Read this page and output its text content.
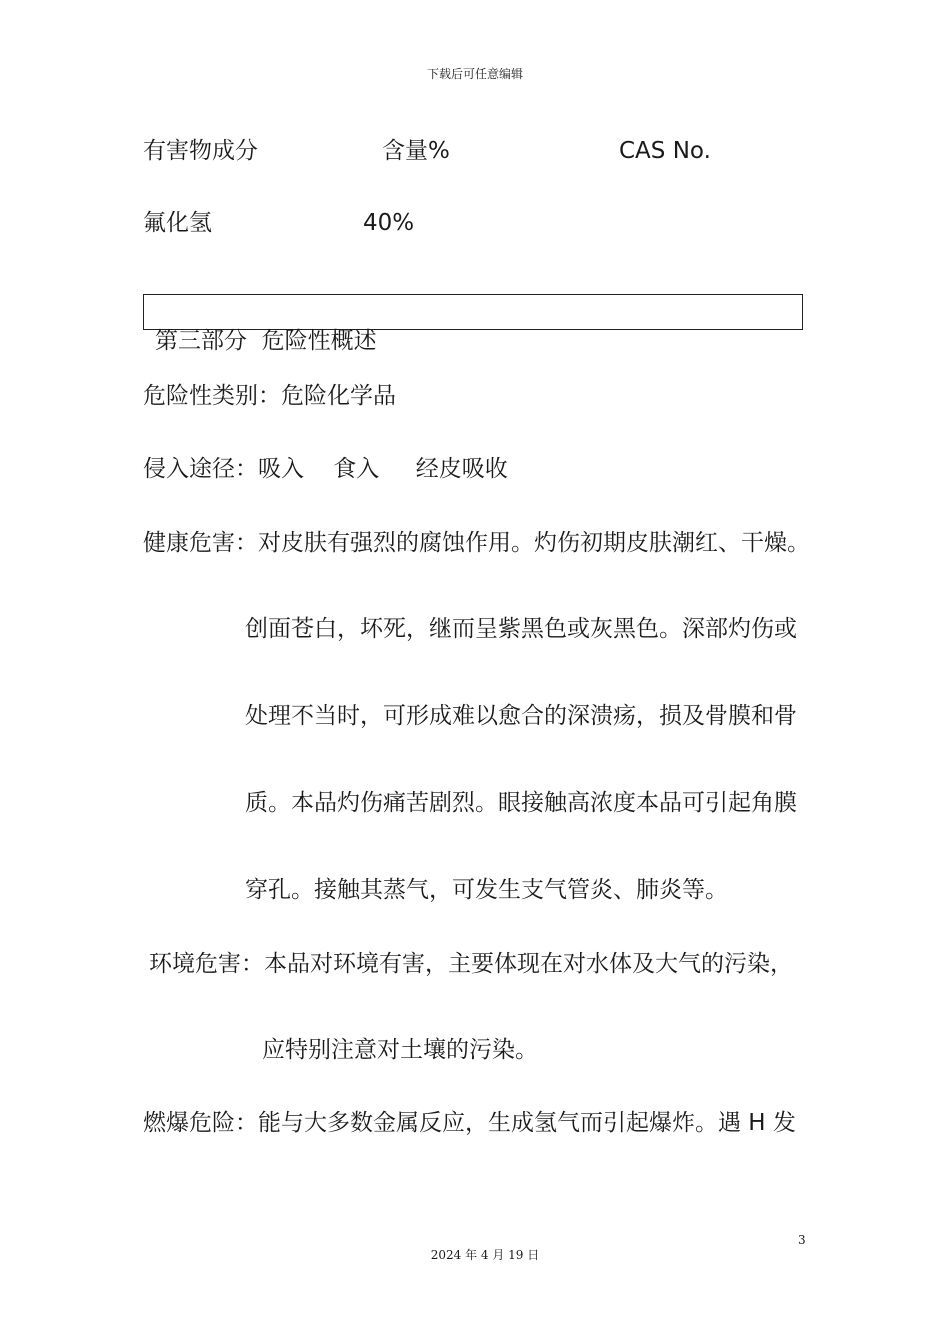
下载后可任意编辑
有害物成分	含量%	CAS No.
氟化氢	40%
第三部分  危险性概述
危险性类别：危险化学品
侵入途径：吸入    食入     经皮吸收
健康危害：对皮肤有强烈的腐蚀作用。灼伤初期皮肤潮红、干燥。
创面苍白，坏死，继而呈紫黑色或灰黑色。深部灼伤或
处理不当时，可形成难以愈合的深溃疡，损及骨膜和骨
质。本品灼伤痛苦剧烈。眼接触高浓度本品可引起角膜
穿孔。接触其蒸气，可发生支气管炎、肺炎等。
环境危害：本品对环境有害，主要体现在对水体及大气的污染，
应特别注意对土壤的污染。
燃爆危险：能与大多数金属反应，生成氢气而引起爆炸。遇 H 发
3
2024 年 4 月 19 日
